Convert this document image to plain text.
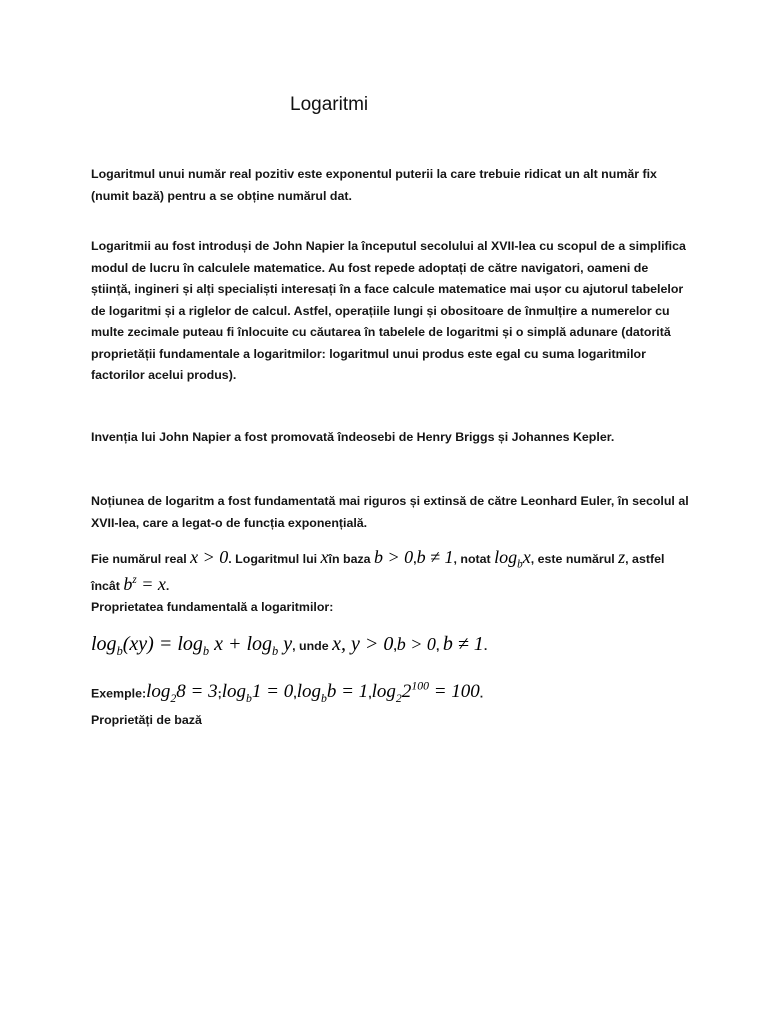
Logaritmi
Logaritmul unui număr real pozitiv este exponentul puterii la care trebuie ridicat un alt număr fix (numit bază) pentru a se obține numărul dat.
Logaritmii au fost introduși de John Napier la începutul secolului al XVII-lea cu scopul de a simplifica modul de lucru în calculele matematice. Au fost repede adoptați de către navigatori, oameni de știință, ingineri și alți specialiști interesați în a face calcule matematice mai ușor cu ajutorul tabelelor de logaritmi și a riglelor de calcul. Astfel, operațiile lungi și obositoare de înmulțire a numerelor cu multe zecimale puteau fi înlocuite cu căutarea în tabelele de logaritmi și o simplă adunare (datorită proprietății fundamentale a logaritmilor: logaritmul unui produs este egal cu suma logaritmilor factorilor acelui produs).
Invenția lui John Napier a fost promovată îndeosebi de Henry Briggs și Johannes Kepler.
Noțiunea de logaritm a fost fundamentată mai riguros și extinsă de către Leonhard Euler, în secolul al XVII-lea, care a legat-o de funcția exponențială.
Fie numărul real x > 0. Logaritmul lui xîn baza b > 0,b ≠ 1, notat $\log_bx$, este numărul z, astfel
încât $b^z = x$.
Proprietatea fundamentală a logaritmilor:
$\log_b(xy) = \log_b x + \log_b y$, unde x, y > 0,b > 0, b ≠ 1.
$Exemple:\log_28$ = $3;\log_b1 = 0,\log_bb = 1,\log_22^{100} = 100$.
Proprietăți de bază
